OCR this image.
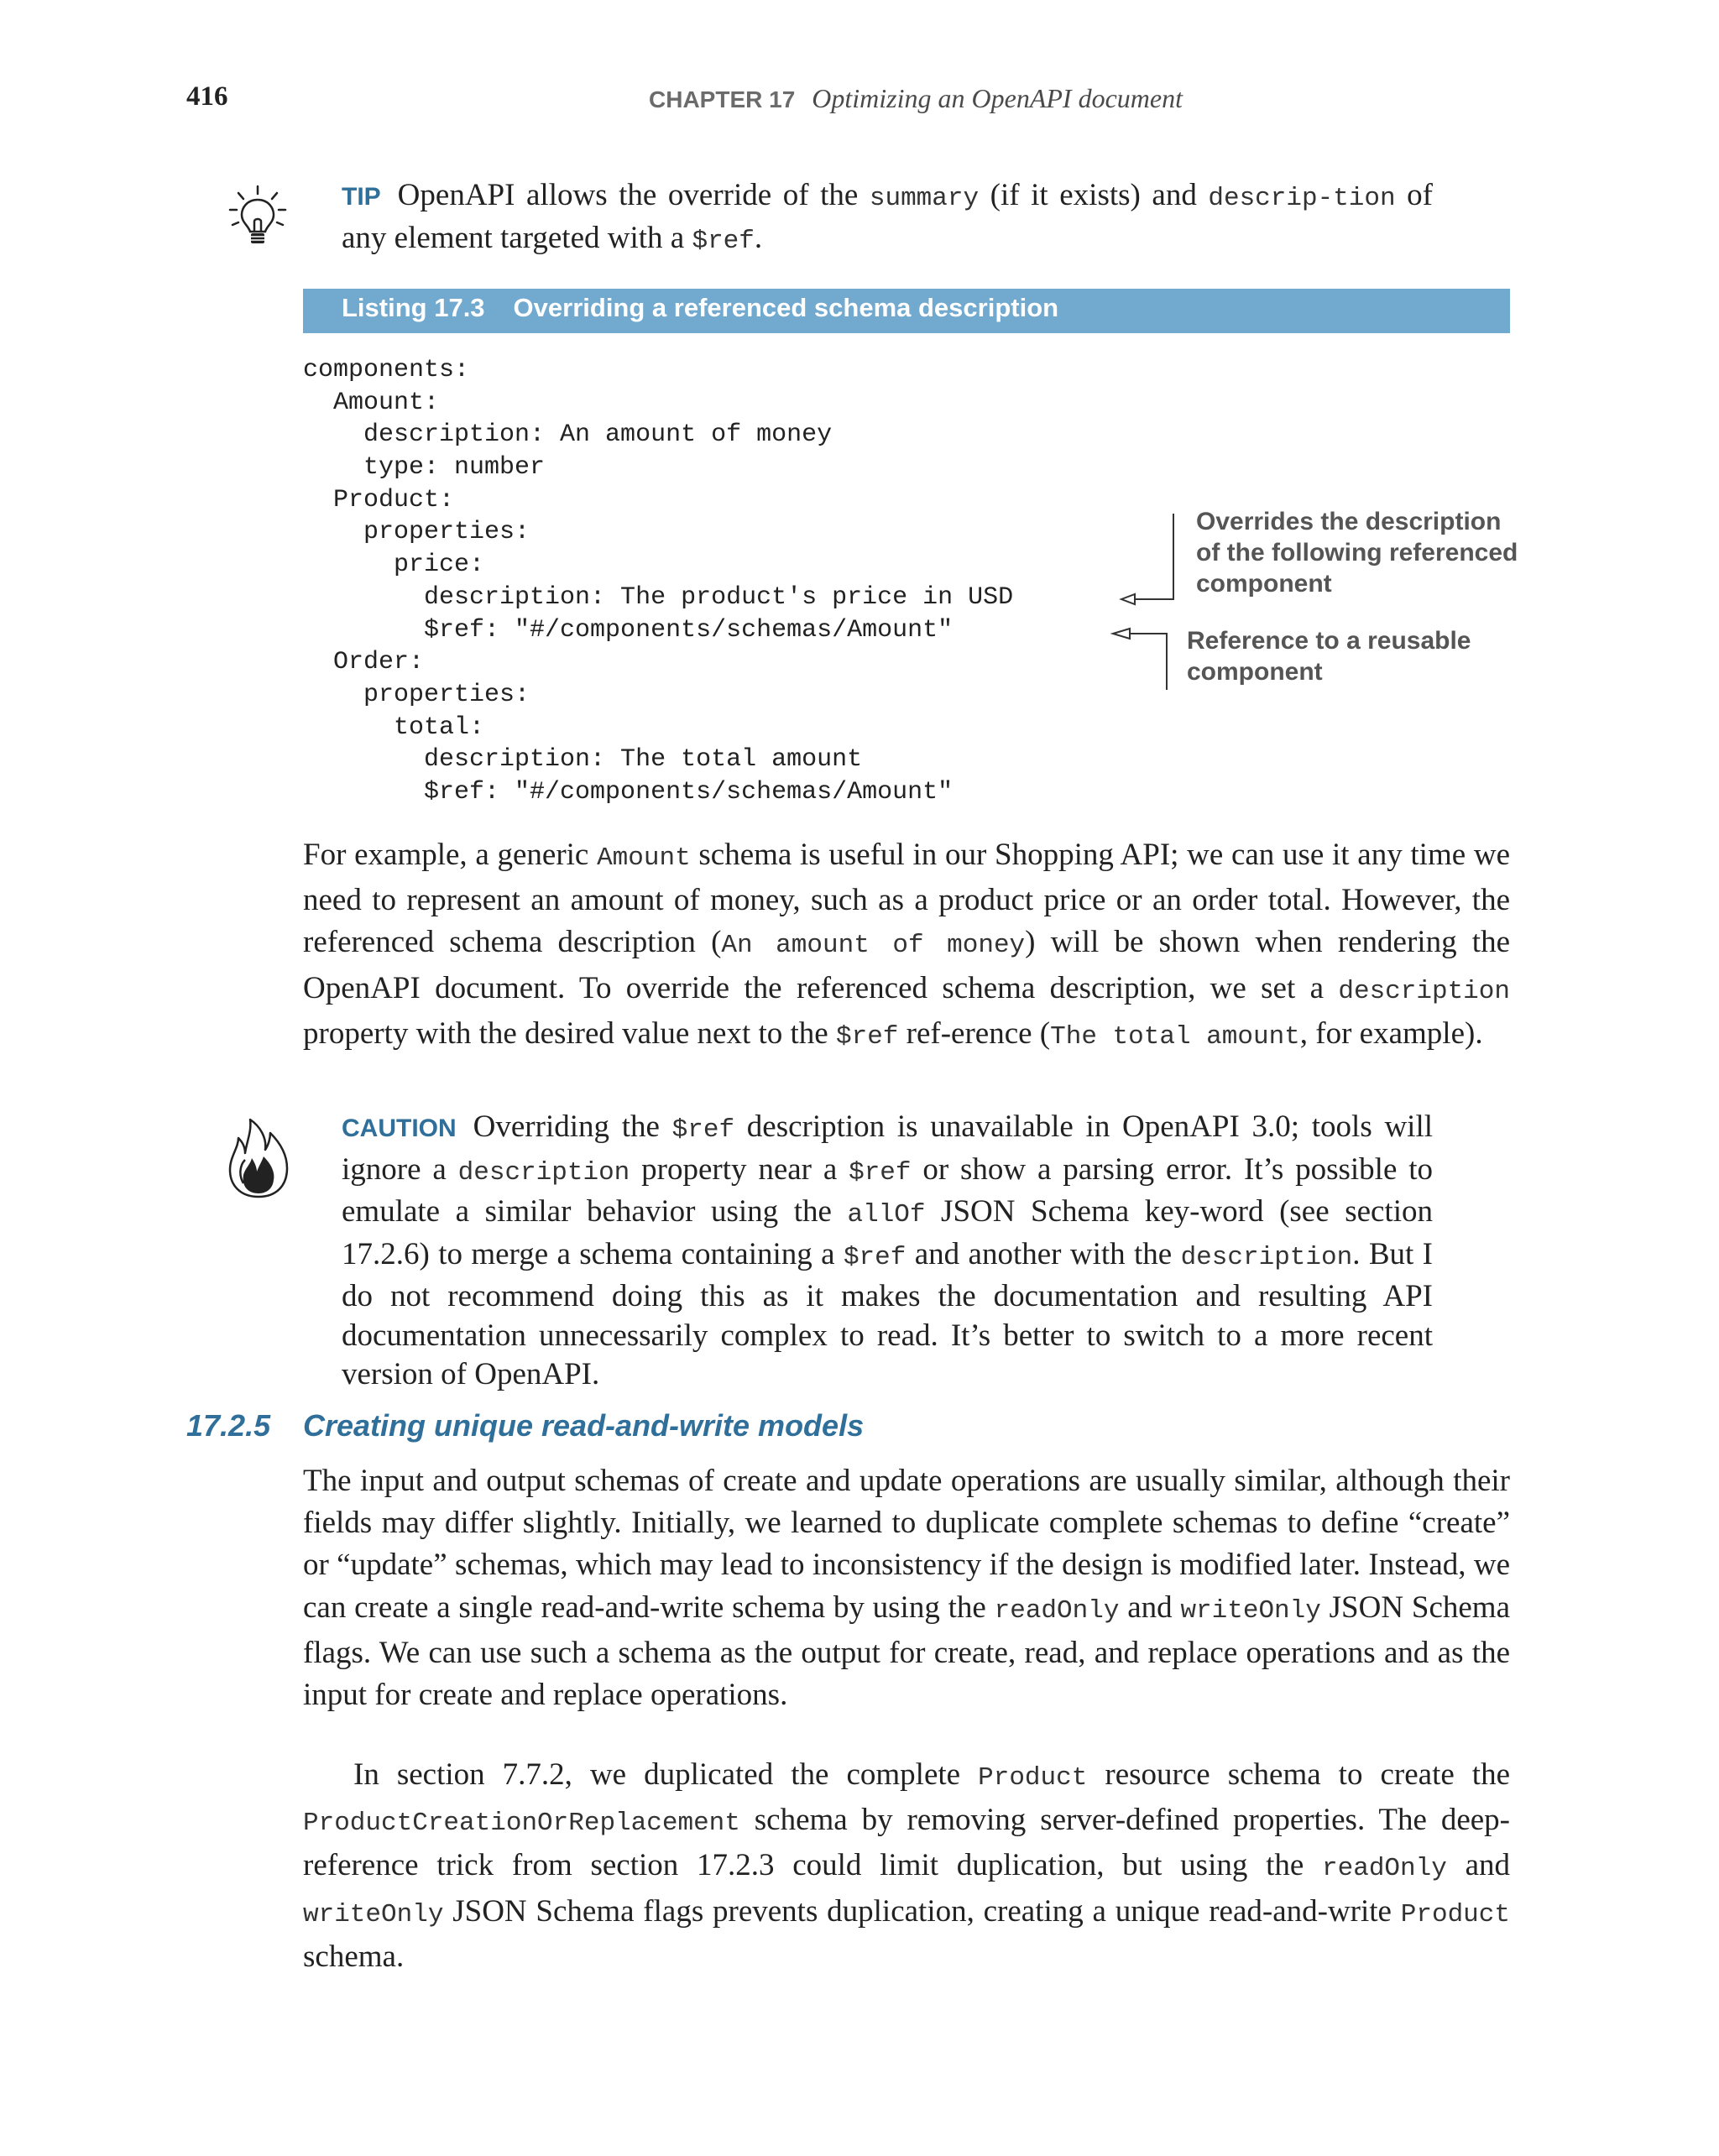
416	CHAPTER 17 Optimizing an OpenAPI document
TIP OpenAPI allows the override of the summary (if it exists) and descrip-tion of any element targeted with a $ref.
Listing 17.3 Overriding a referenced schema description
components:
Amount:
description: An amount of money
type: number
Product:
properties:
price:
description: The product's price in USD
$ref: "#/components/schemas/Amount"
Order:
properties:
total:
description: The total amount
$ref: "#/components/schemas/Amount"
Overrides the description of the following referenced component
Reference to a reusable component
For example, a generic Amount schema is useful in our Shopping API; we can use it any time we need to represent an amount of money, such as a product price or an order total. However, the referenced schema description (An amount of money) will be shown when rendering the OpenAPI document. To override the referenced schema description, we set a description property with the desired value next to the $ref ref-erence (The total amount, for example).
CAUTION Overriding the $ref description is unavailable in OpenAPI 3.0; tools will ignore a description property near a $ref or show a parsing error. It’s possible to emulate a similar behavior using the allOf JSON Schema key-word (see section 17.2.6) to merge a schema containing a $ref and another with the description. But I do not recommend doing this as it makes the documentation and resulting API documentation unnecessarily complex to read. It’s better to switch to a more recent version of OpenAPI.
17.2.5 Creating unique read-and-write models
The input and output schemas of create and update operations are usually similar, although their fields may differ slightly. Initially, we learned to duplicate complete schemas to define “create” or “update” schemas, which may lead to inconsistency if the design is modified later. Instead, we can create a single read-and-write schema by using the readOnly and writeOnly JSON Schema flags. We can use such a schema as the output for create, read, and replace operations and as the input for create and replace operations.
In section 7.7.2, we duplicated the complete Product resource schema to create the ProductCreationOrReplacement schema by removing server-defined properties. The deep-reference trick from section 17.2.3 could limit duplication, but using the readOnly and writeOnly JSON Schema flags prevents duplication, creating a unique read-and-write Product schema.
